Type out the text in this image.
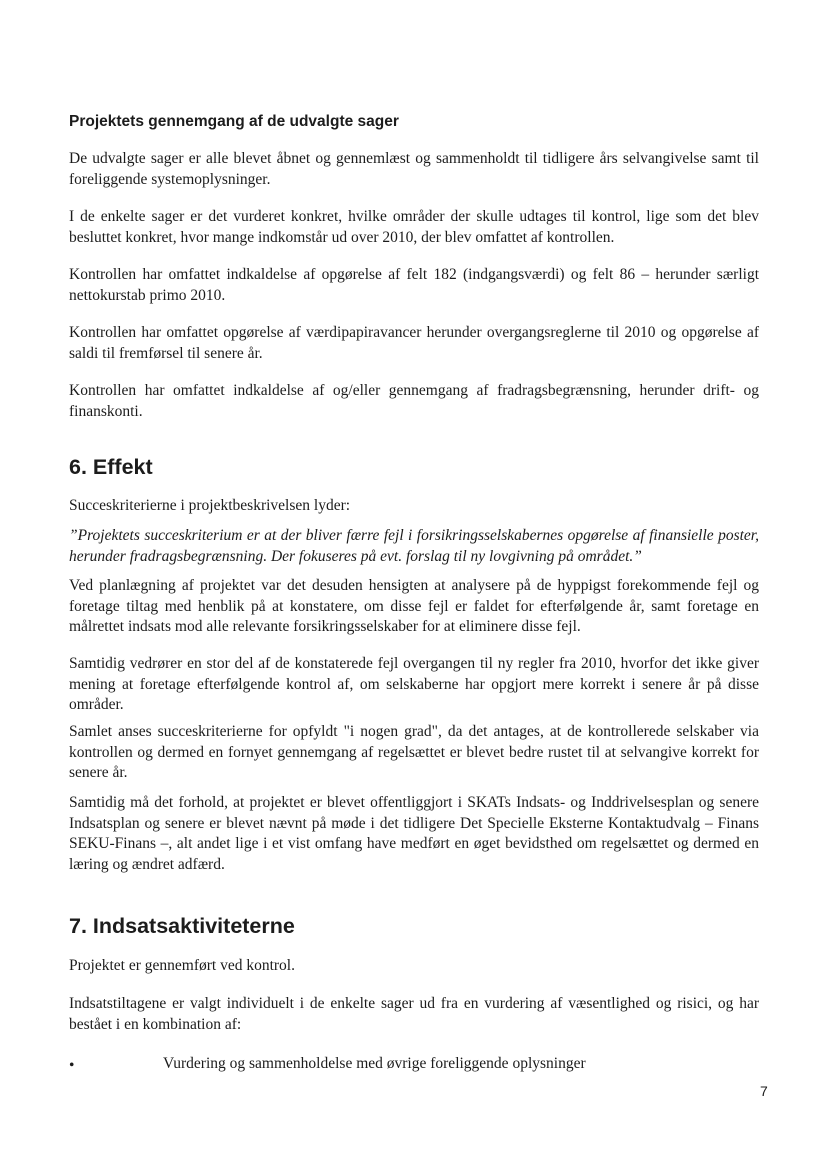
Projektets gennemgang af de udvalgte sager

De udvalgte sager er alle blevet åbnet og gennemlæst og sammenholdt til tidligere års selvangivelse samt til foreliggende systemoplysninger.

I de enkelte sager er det vurderet konkret, hvilke områder der skulle udtages til kontrol, lige som det blev besluttet konkret, hvor mange indkomstår ud over 2010, der blev omfattet af kontrollen.

Kontrollen har omfattet indkaldelse af opgørelse af felt 182 (indgangsværdi) og felt 86 – herunder særligt nettokurstab primo 2010.

Kontrollen har omfattet opgørelse af værdipapiravancer herunder overgangsreglerne til 2010 og opgørelse af saldi til fremførsel til senere år.

Kontrollen har omfattet indkaldelse af og/eller gennemgang af fradragsbegrænsning, herunder drift- og finanskonti.

6. Effekt

Succeskriterierne i projektbeskrivelsen lyder:

”Projektets succeskriterium er at der bliver færre fejl i forsikringsselskabernes opgørelse af finansielle poster, herunder fradragsbegrænsning. Der fokuseres på evt. forslag til ny lovgivning på området.”

Ved planlægning af projektet var det desuden hensigten at analysere på de hyppigst forekommende fejl og foretage tiltag med henblik på at konstatere, om disse fejl er faldet for efterfølgende år, samt foretage en målrettet indsats mod alle relevante forsikringsselskaber for at eliminere disse fejl.

Samtidig vedrører en stor del af de konstaterede fejl overgangen til ny regler fra 2010, hvorfor det ikke giver mening at foretage efterfølgende kontrol af, om selskaberne har opgjort mere korrekt i senere år på disse områder.

Samlet anses succeskriterierne for opfyldt "i nogen grad", da det antages, at de kontrollerede selskaber via kontrollen og dermed en fornyet gennemgang af regelsættet er blevet bedre rustet til at selvangive korrekt for senere år.

Samtidig må det forhold, at projektet er blevet offentliggjort i SKATs Indsats- og Inddrivelsesplan og senere Indsatsplan og senere er blevet nævnt på møde i det tidligere Det Specielle Eksterne Kontaktudvalg – Finans SEKU-Finans –, alt andet lige i et vist omfang have medført en øget bevidsthed om regelsættet og dermed en læring og ændret adfærd.

7. Indsatsaktiviteterne

Projektet er gennemført ved kontrol.

Indsatstiltagene er valgt individuelt i de enkelte sager ud fra en vurdering af væsentlighed og risici, og har bestået i en kombination af:

•	Vurdering og sammenholdelse med øvrige foreliggende oplysninger

7
